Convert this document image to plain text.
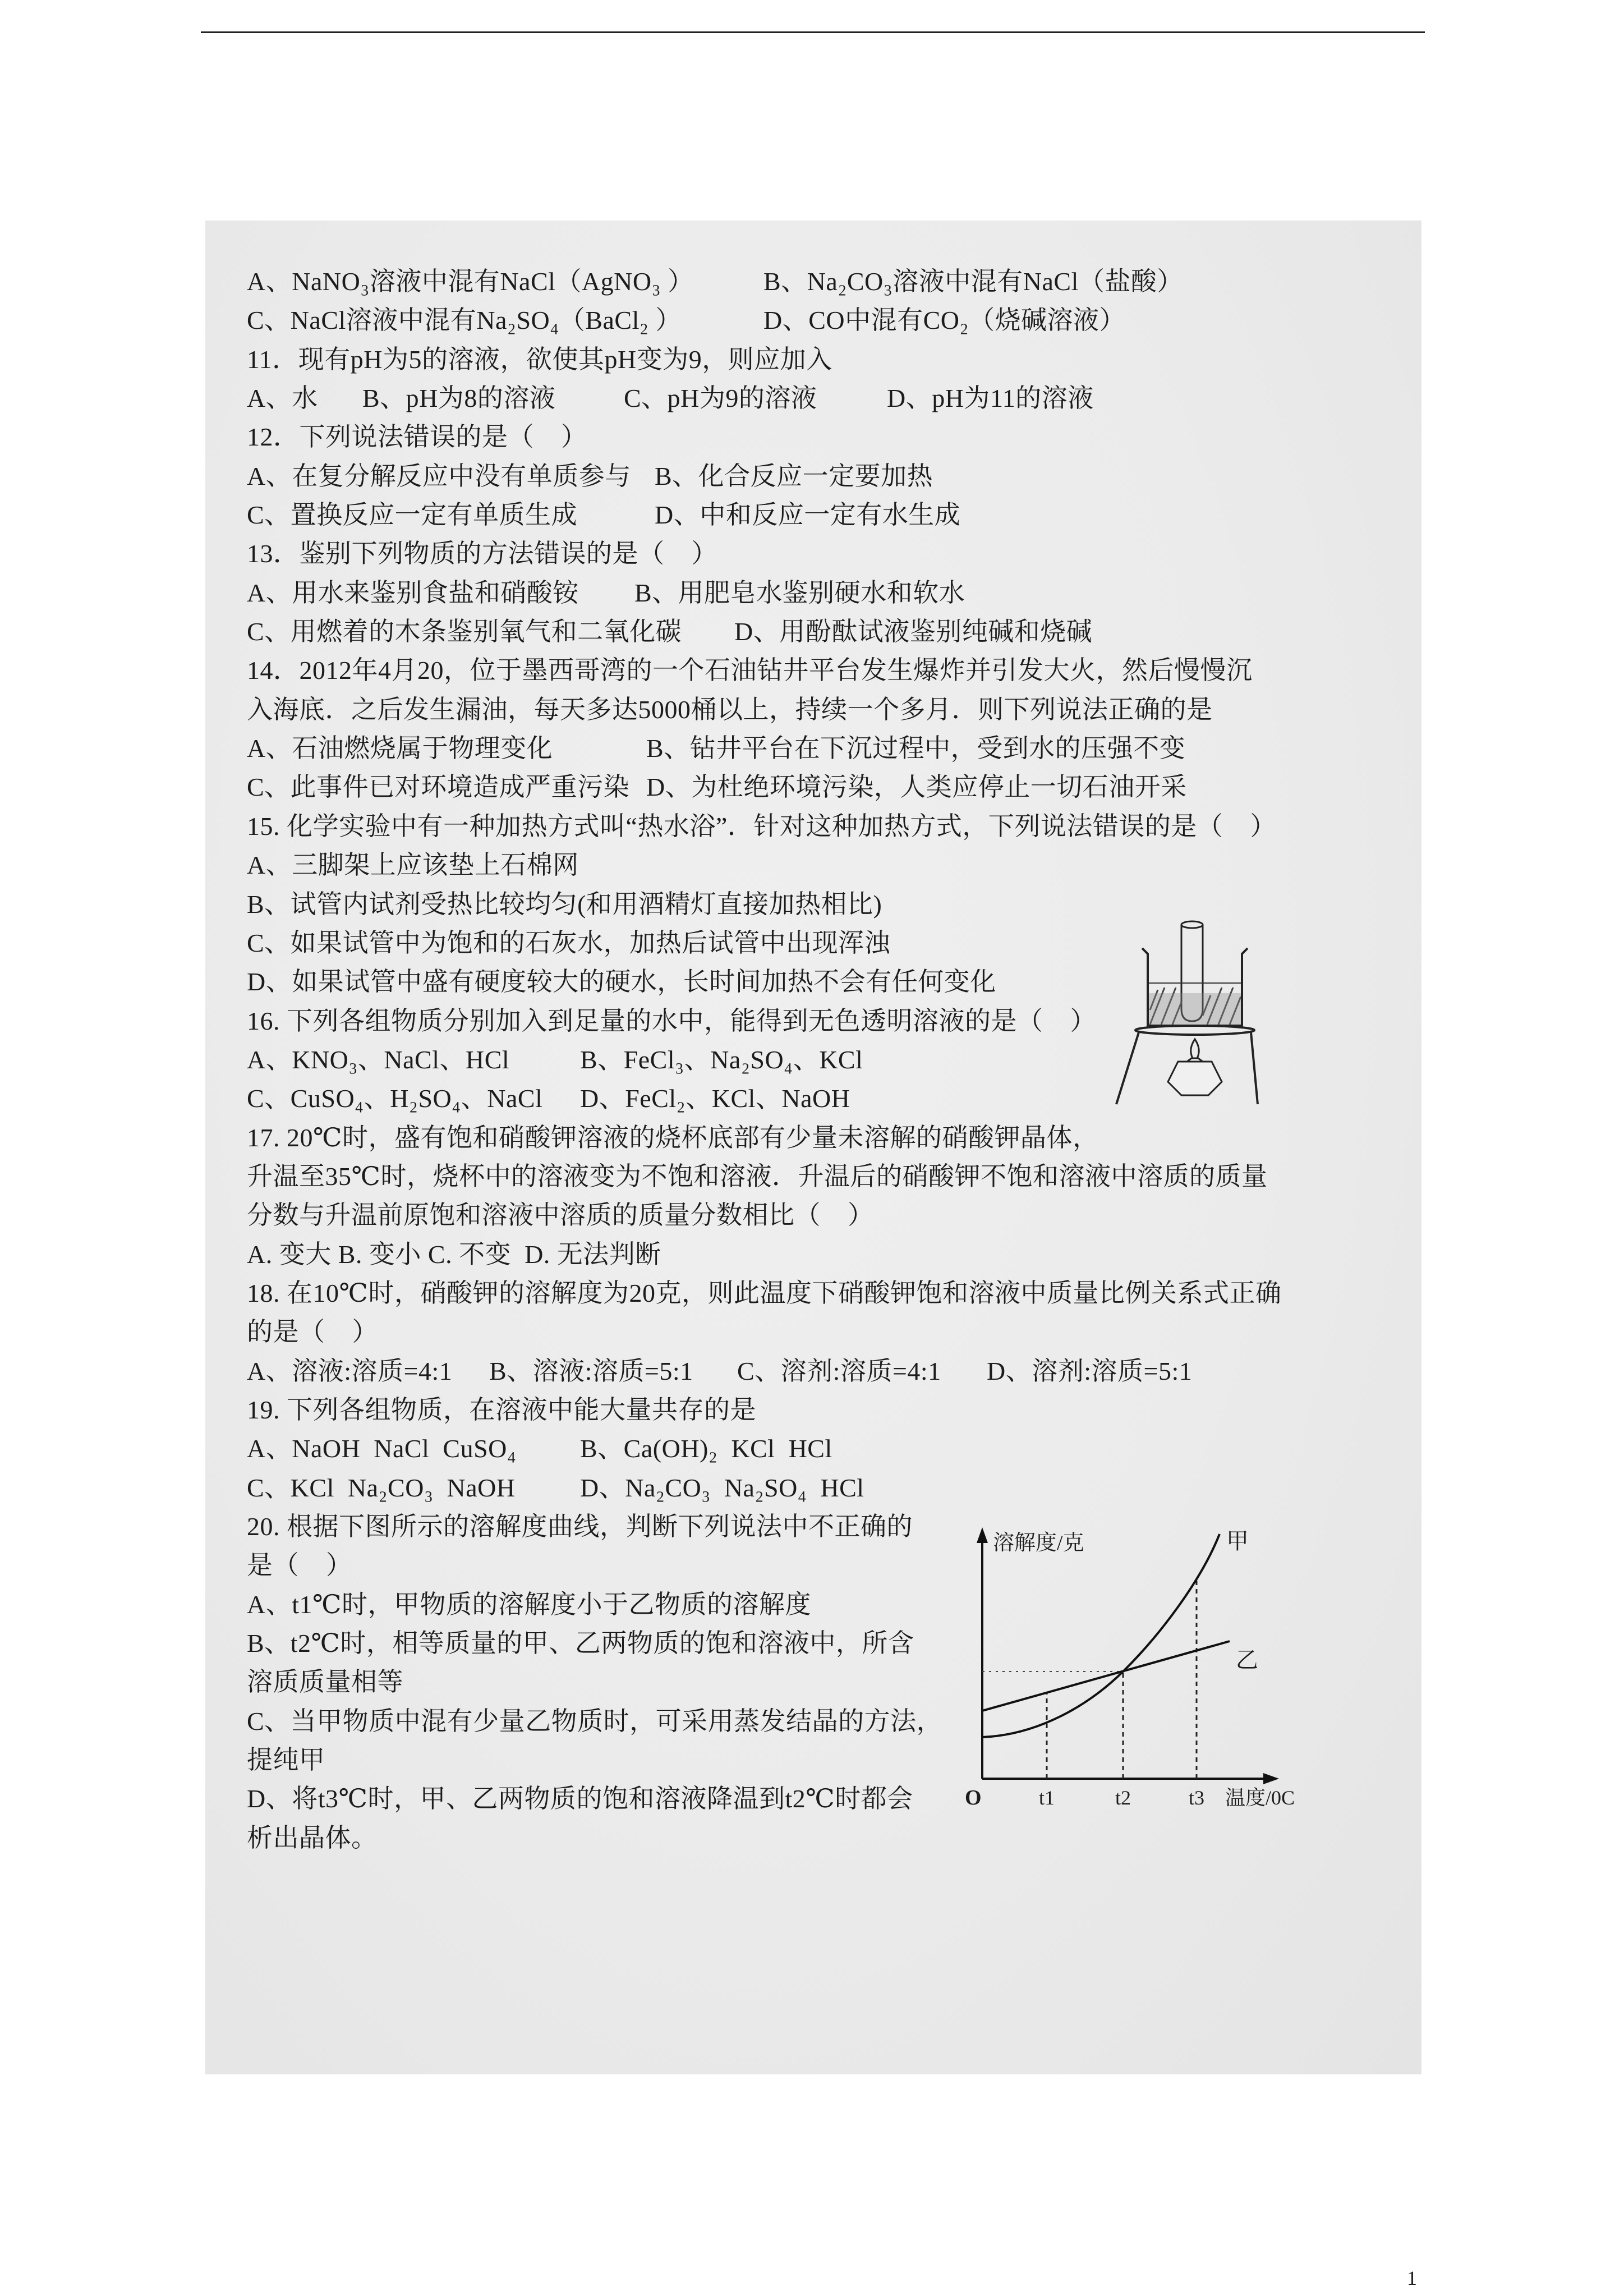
A、NaNO₃溶液中混有NaCl（AgNO₃ ）	B、Na₂CO₃溶液中混有NaCl（盐酸）
C、NaCl溶液中混有Na₂SO₄（BaCl₂ ）	D、CO中混有CO₂（烧碱溶液）
11．现有pH为5的溶液，欲使其pH变为9，则应加入
A、水 B、pH为8的溶液	C、pH为9的溶液	D、pH为11的溶液
12．下列说法错误的是（    ）
A、在复分解反应中没有单质参与 B、化合反应一定要加热
C、置换反应一定有单质生成	D、中和反应一定有水生成
13．鉴别下列物质的方法错误的是（    ）
A、用水来鉴别食盐和硝酸铵 B、用肥皂水鉴别硬水和软水
C、用燃着的木条鉴别氧气和二氧化碳 D、用酚酞试液鉴别纯碱和烧碱
14．2012年4月20，位于墨西哥湾的一个石油钻井平台发生爆炸并引发大火，然后慢慢沉
入海底．之后发生漏油，每天多达5000桶以上，持续一个多月．则下列说法正确的是
A、石油燃烧属于物理变化	B、钻井平台在下沉过程中，受到水的压强不变
C、此事件已对环境造成严重污染 D、为杜绝环境污染，人类应停止一切石油开采
15. 化学实验中有一种加热方式叫“热水浴”．针对这种加热方式，下列说法错误的是（    ）
A、三脚架上应该垫上石棉网
B、试管内试剂受热比较均匀(和用酒精灯直接加热相比)
C、如果试管中为饱和的石灰水，加热后试管中出现浑浊
D、如果试管中盛有硬度较大的硬水，长时间加热不会有任何变化
16. 下列各组物质分别加入到足量的水中，能得到无色透明溶液的是（    ）
A、KNO₃、NaCl、HCl	B、FeCl₃、Na₂SO₄、KCl
C、CuSO₄、H₂SO₄、NaCl D、FeCl₂、KCl、NaOH
17. 20℃时，盛有饱和硝酸钾溶液的烧杯底部有少量未溶解的硝酸钾晶体，
升温至35℃时，烧杯中的溶液变为不饱和溶液．升温后的硝酸钾不饱和溶液中溶质的质量
分数与升温前原饱和溶液中溶质的质量分数相比（    ）
A. 变大 B. 变小 C. 不变  D. 无法判断
18. 在10℃时，硝酸钾的溶解度为20克，则此温度下硝酸钾饱和溶液中质量比例关系式正确
的是（    ）
A、溶液:溶质=4:1 B、溶液:溶质=5:1 C、溶剂:溶质=4:1 D、溶剂:溶质=5:1
19. 下列各组物质，在溶液中能大量共存的是
A、NaOH  NaCl  CuSO₄ B、Ca(OH)₂  KCl  HCl
C、KCl  Na₂CO₃  NaOH	D、Na₂CO₃  Na₂SO₄  HCl
20. 根据下图所示的溶解度曲线，判断下列说法中不正确的
是（    ）
A、t1℃时，甲物质的溶解度小于乙物质的溶解度
B、t2℃时，相等质量的甲、乙两物质的饱和溶液中，所含
溶质质量相等
C、当甲物质中混有少量乙物质时，可采用蒸发结晶的方法，
提纯甲
D、将t3℃时，甲、乙两物质的饱和溶液降温到t2℃时都会
析出晶体。
溶解度/克	甲
乙
O	t1	t2	t3 温度/0C
1
